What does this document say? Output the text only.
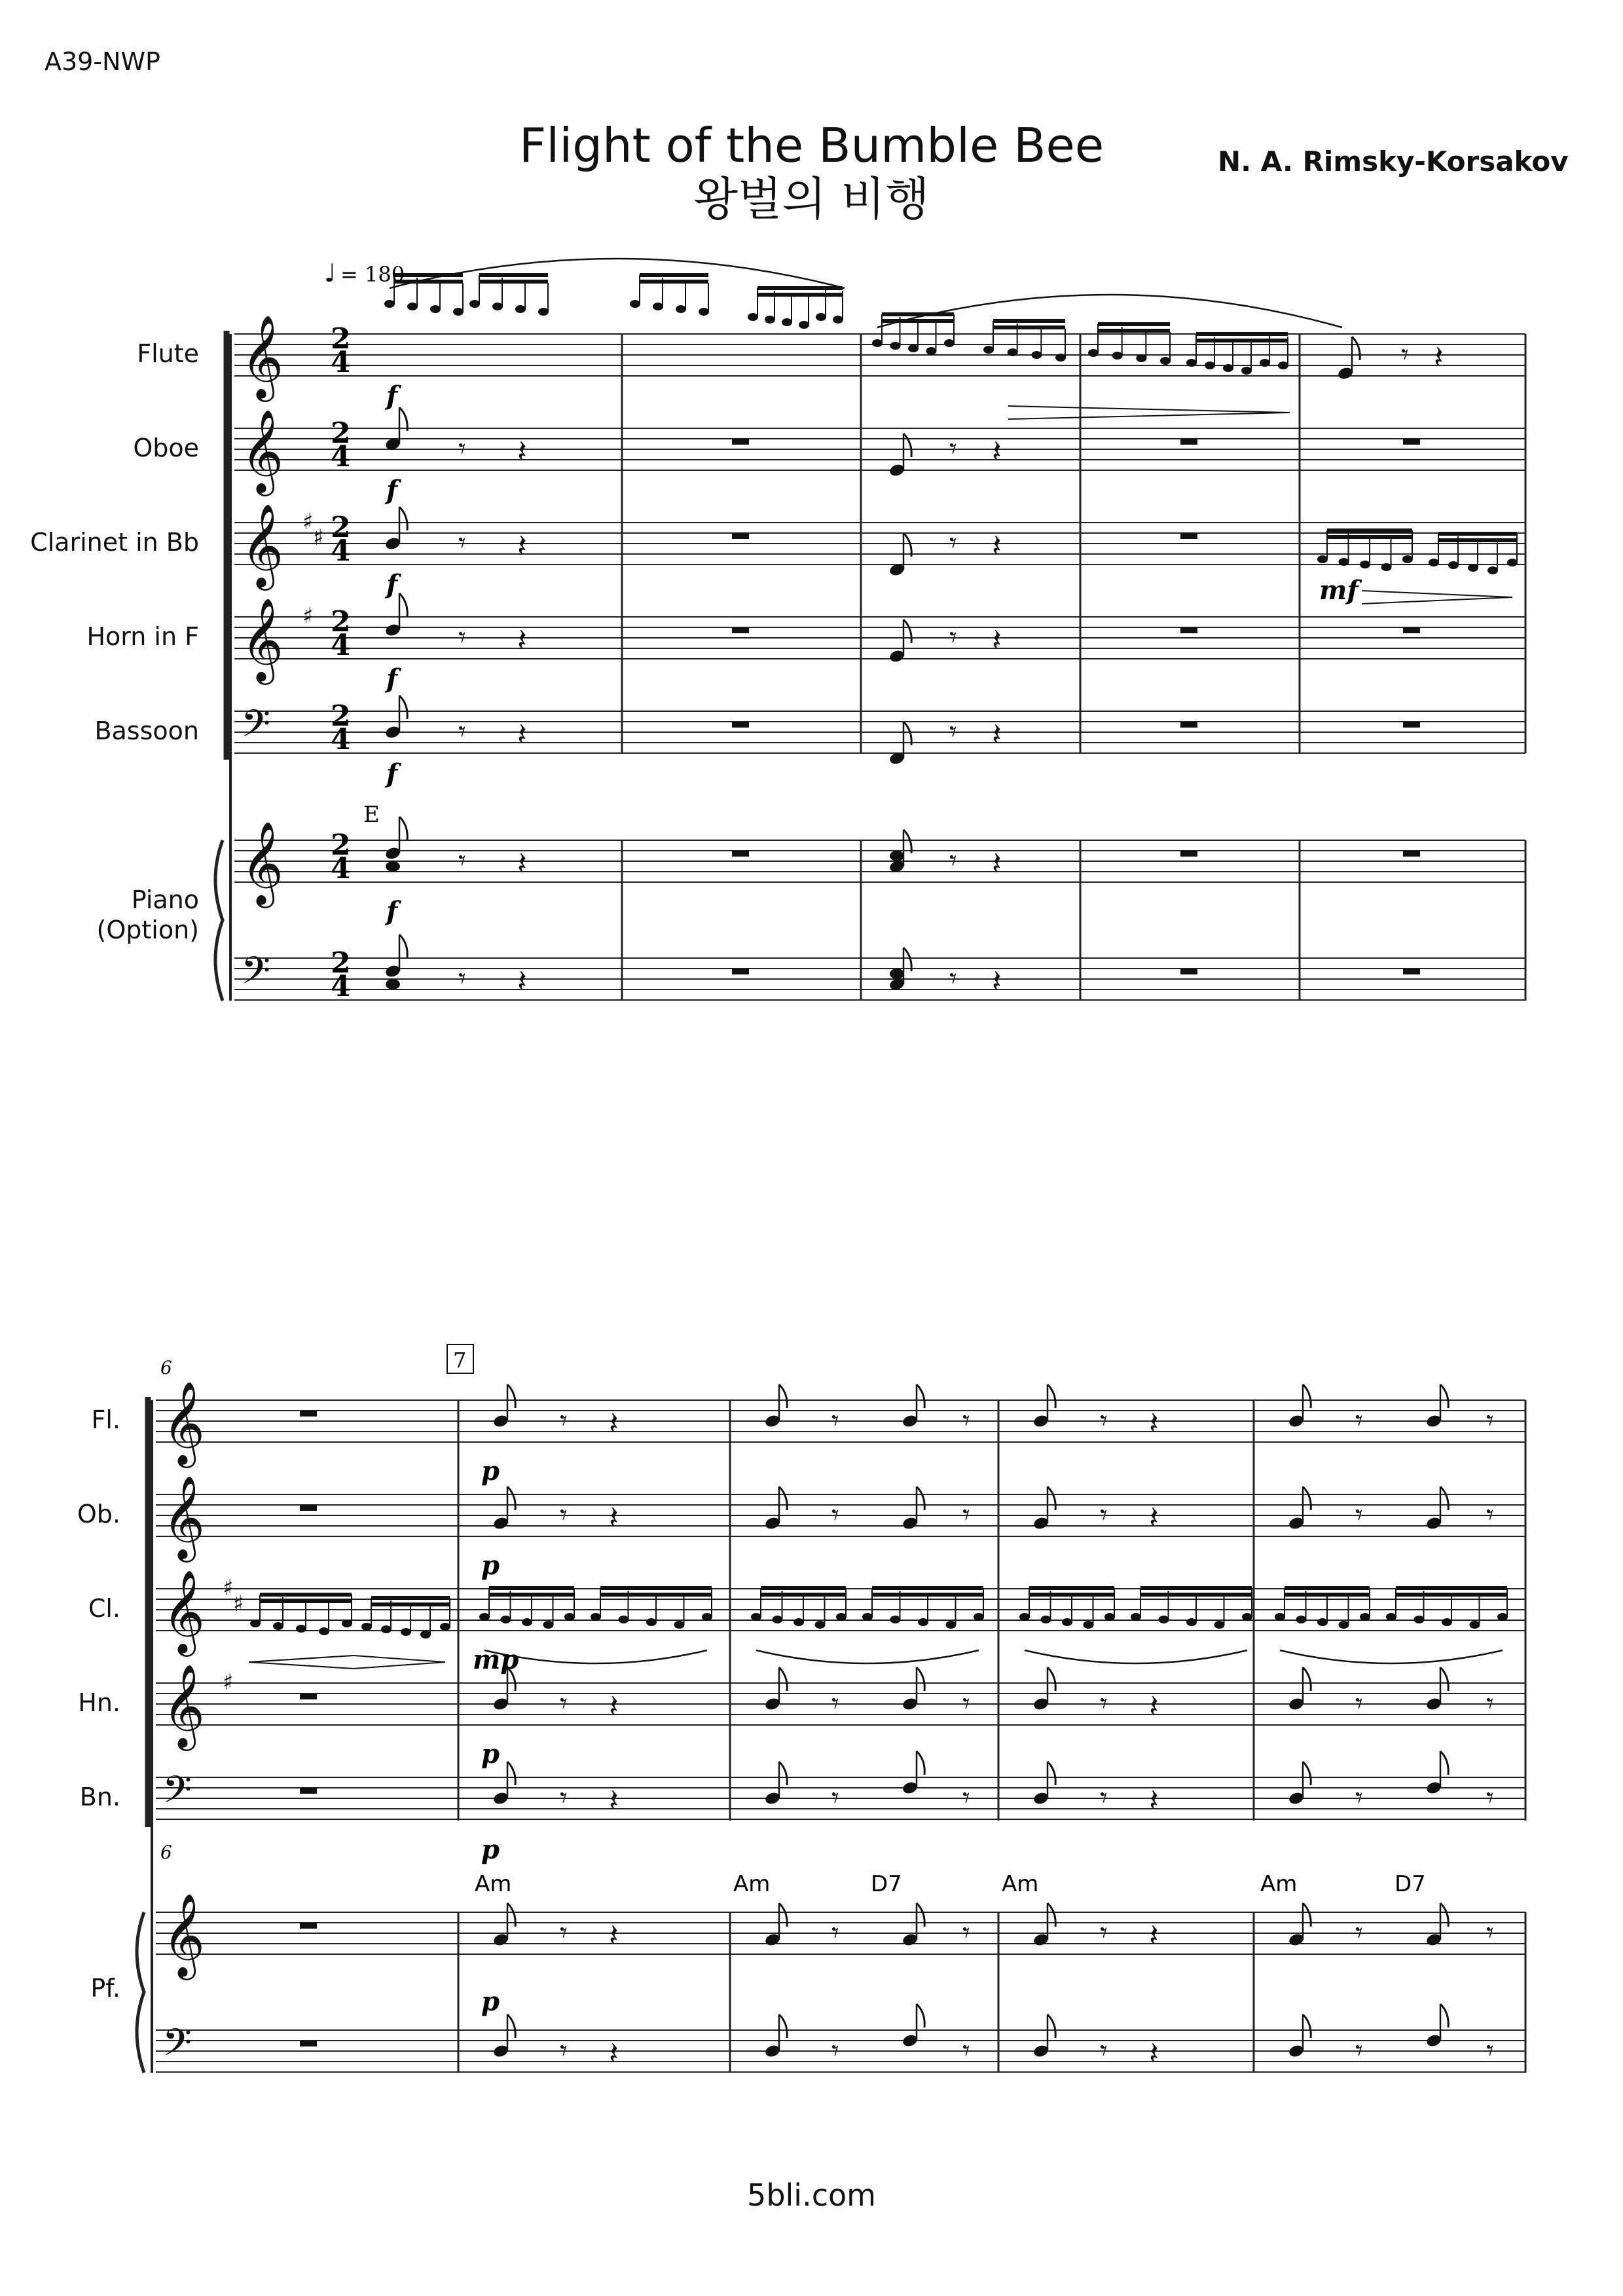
A39-NWP
Flight of the Bumble Bee
왕벌의 비행
N. A. Rimsky-Korsakov
Flute
Oboe
Clarinet in Bb
Horn in F
Bassoon
Piano
(Option)
Fl.
Ob.
Cl.
Hn.
Bn.
Pf.
𝄞
𝄞
𝄞
𝄞
𝄢
𝄞
𝄢
♯
♯
♯
𝄾 𝄽
𝄾 𝄽	𝄾 𝄽
𝄾 𝄽	𝄾 𝄽
𝄾 𝄽	𝄾 𝄽
𝄾 𝄽	𝄾 𝄽
𝄾 𝄽	𝄾 𝄽
𝄾 𝄽	𝄾 𝄽
𝄞
𝄞
𝄞
𝄞
𝄢
𝄞
𝄢
♯
♯
♯
𝄾 𝄽	𝄾	𝄾	𝄾 𝄽	𝄾	𝄾
𝄾 𝄽	𝄾	𝄾	𝄾 𝄽	𝄾	𝄾
𝄾 𝄽	𝄾	𝄾	𝄾 𝄽	𝄾	𝄾
𝄾 𝄽	𝄾	𝄾	𝄾 𝄽	𝄾	𝄾
𝄾 𝄽	𝄾	𝄾	𝄾 𝄽	𝄾	𝄾
𝄾 𝄽	𝄾	𝄾	𝄾 𝄽	𝄾	𝄾
♩ = 180
2
4
2
4
2
4
2
4
2
4
2
4
2
4
f
f
f
f
f
f
mf
E
6
6
7
p
p
mp
p
p
p
Am	Am	D7	Am	Am	D7
5bli.com
